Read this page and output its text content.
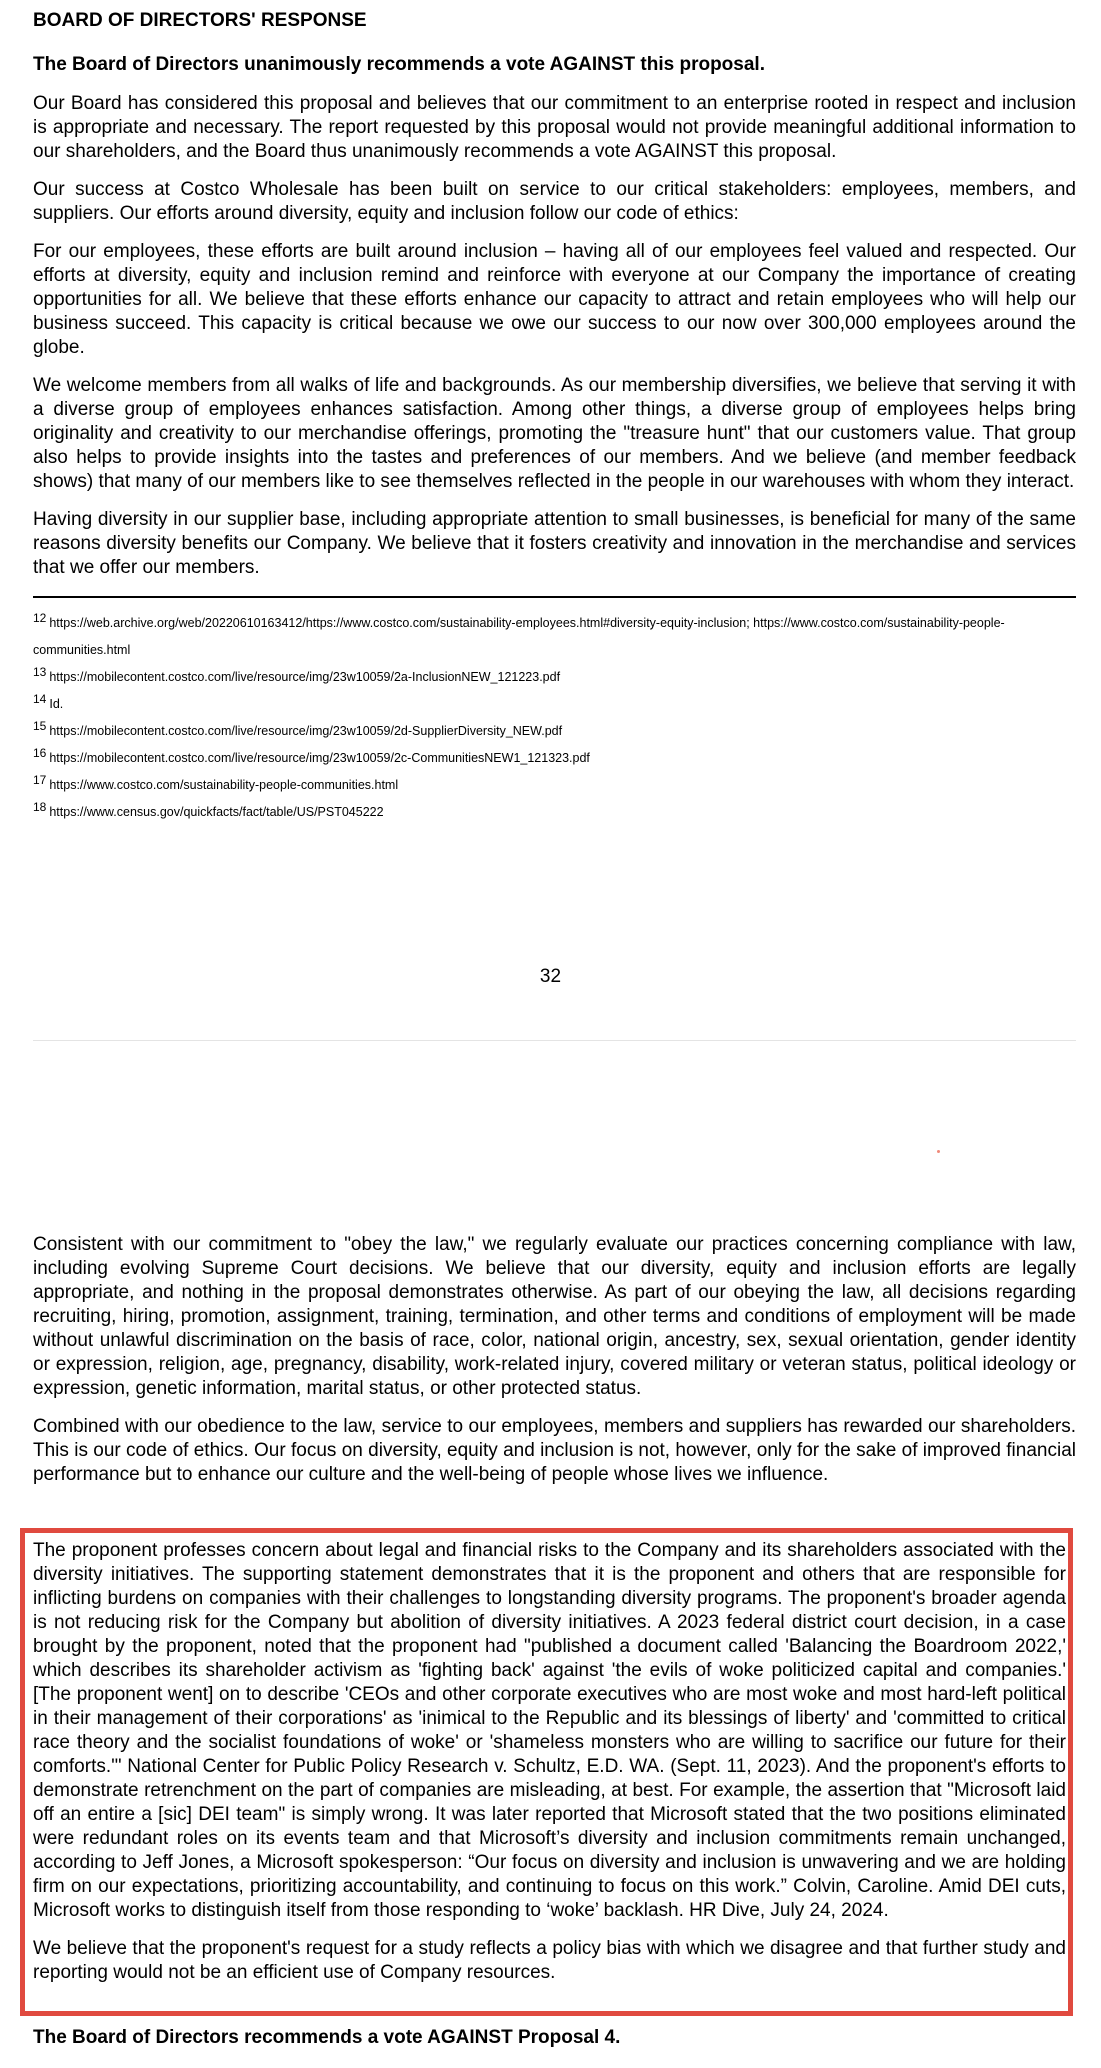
BOARD OF DIRECTORS' RESPONSE
The Board of Directors unanimously recommends a vote AGAINST this proposal.

Our Board has considered this proposal and believes that our commitment to an enterprise rooted in respect and inclusion is appropriate and necessary. The report requested by this proposal would not provide meaningful additional information to our shareholders, and the Board thus unanimously recommends a vote AGAINST this proposal.

Our success at Costco Wholesale has been built on service to our critical stakeholders: employees, members, and suppliers. Our efforts around diversity, equity and inclusion follow our code of ethics:

For our employees, these efforts are built around inclusion – having all of our employees feel valued and respected. Our efforts at diversity, equity and inclusion remind and reinforce with everyone at our Company the importance of creating opportunities for all. We believe that these efforts enhance our capacity to attract and retain employees who will help our business succeed. This capacity is critical because we owe our success to our now over 300,000 employees around the globe.

We welcome members from all walks of life and backgrounds. As our membership diversifies, we believe that serving it with a diverse group of employees enhances satisfaction. Among other things, a diverse group of employees helps bring originality and creativity to our merchandise offerings, promoting the "treasure hunt" that our customers value. That group also helps to provide insights into the tastes and preferences of our members. And we believe (and member feedback shows) that many of our members like to see themselves reflected in the people in our warehouses with whom they interact.

Having diversity in our supplier base, including appropriate attention to small businesses, is beneficial for many of the same reasons diversity benefits our Company. We believe that it fosters creativity and innovation in the merchandise and services that we offer our members.

$^{12}$ https://web.archive.org/web/20220610163412/https://www.costco.com/sustainability-employees.html#diversity-equity-inclusion; https://www.costco.com/sustainability-people-communities.html

$^{13}$ https://mobilecontent.costco.com/live/resource/img/23w10059/2a-InclusionNEW_121223.pdf

$^{14}$ Id.

$^{15}$ https://mobilecontent.costco.com/live/resource/img/23w10059/2d-SupplierDiversity_NEW.pdf

$^{16}$ https://mobilecontent.costco.com/live/resource/img/23w10059/2c-CommunitiesNEW1_121323.pdf

$^{17}$ https://www.costco.com/sustainability-people-communities.html

$^{18}$ https://www.census.gov/quickfacts/fact/table/US/PST045222

32

Consistent with our commitment to "obey the law," we regularly evaluate our practices concerning compliance with law, including evolving Supreme Court decisions. We believe that our diversity, equity and inclusion efforts are legally appropriate, and nothing in the proposal demonstrates otherwise. As part of our obeying the law, all decisions regarding recruiting, hiring, promotion, assignment, training, termination, and other terms and conditions of employment will be made without unlawful discrimination on the basis of race, color, national origin, ancestry, sex, sexual orientation, gender identity or expression, religion, age, pregnancy, disability, work-related injury, covered military or veteran status, political ideology or expression, genetic information, marital status, or other protected status.

Combined with our obedience to the law, service to our employees, members and suppliers has rewarded our shareholders. This is our code of ethics. Our focus on diversity, equity and inclusion is not, however, only for the sake of improved financial performance but to enhance our culture and the well-being of people whose lives we influence.

The proponent professes concern about legal and financial risks to the Company and its shareholders associated with the diversity initiatives. The supporting statement demonstrates that it is the proponent and others that are responsible for inflicting burdens on companies with their challenges to longstanding diversity programs. The proponent's broader agenda is not reducing risk for the Company but abolition of diversity initiatives. A 2023 federal district court decision, in a case brought by the proponent, noted that the proponent had "published a document called 'Balancing the Boardroom 2022,' which describes its shareholder activism as 'fighting back' against 'the evils of woke politicized capital and companies.' [The proponent went] on to describe 'CEOs and other corporate executives who are most woke and most hard-left political in their management of their corporations' as 'inimical to the Republic and its blessings of liberty' and 'committed to critical race theory and the socialist foundations of woke' or 'shameless monsters who are willing to sacrifice our future for their comforts.'" National Center for Public Policy Research v. Schultz, E.D. WA. (Sept. 11, 2023). And the proponent's efforts to demonstrate retrenchment on the part of companies are misleading, at best. For example, the assertion that "Microsoft laid off an entire a [sic] DEI team" is simply wrong. It was later reported that Microsoft stated that the two positions eliminated were redundant roles on its events team and that Microsoft’s diversity and inclusion commitments remain unchanged, according to Jeff Jones, a Microsoft spokesperson: “Our focus on diversity and inclusion is unwavering and we are holding firm on our expectations, prioritizing accountability, and continuing to focus on this work.” Colvin, Caroline. Amid DEI cuts, Microsoft works to distinguish itself from those responding to ‘woke’ backlash. HR Dive, July 24, 2024.

We believe that the proponent's request for a study reflects a policy bias with which we disagree and that further study and reporting would not be an efficient use of Company resources.

The Board of Directors recommends a vote AGAINST Proposal 4.
